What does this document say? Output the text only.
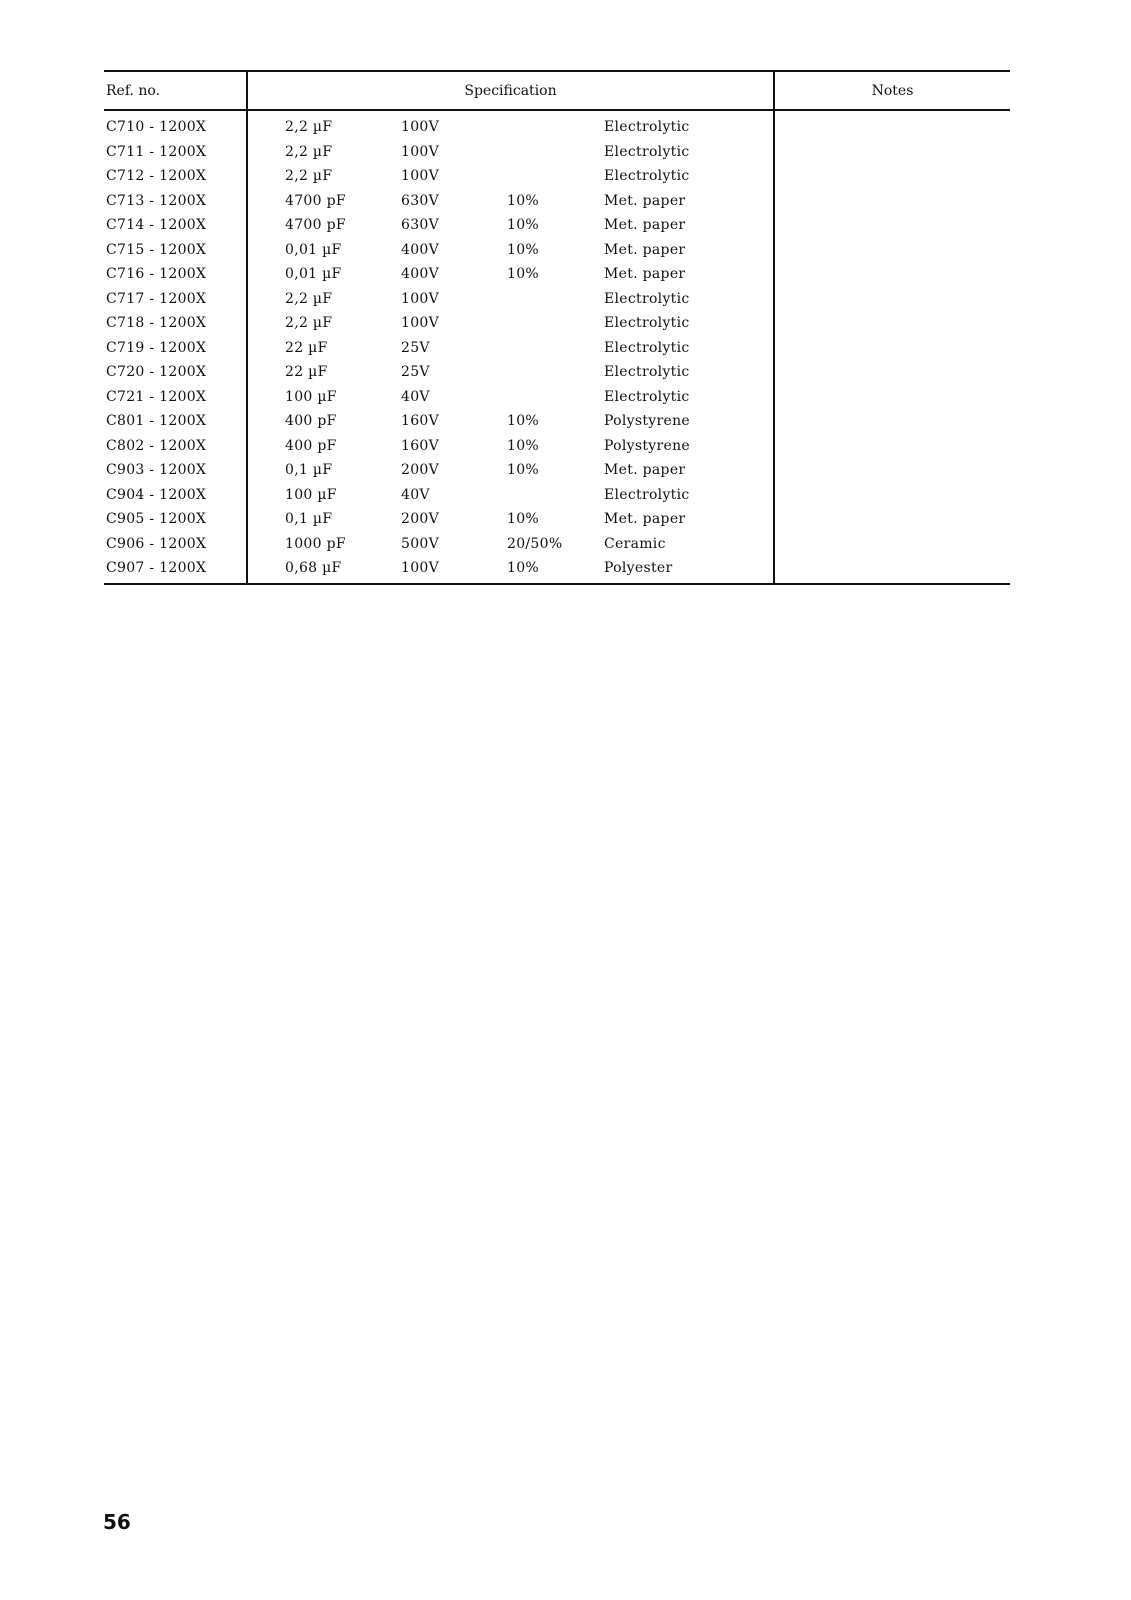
Ref. no.	Specification	Notes
C710 - 1200X	2,2 µF 100V Electrolytic	

C711 - 1200X	2,2 µF 100V Electrolytic	

C712 - 1200X	2,2 µF 100V Electrolytic	

C713 - 1200X	4700 pF 630V 10% Met. paper	

C714 - 1200X	4700 pF 630V 10% Met. paper	

C715 - 1200X	0,01 µF 400V 10% Met. paper	

C716 - 1200X	0,01 µF 400V 10% Met. paper	

C717 - 1200X	2,2 µF 100V Electrolytic	

C718 - 1200X	2,2 µF 100V Electrolytic	

C719 - 1200X	22 µF 25V Electrolytic	

C720 - 1200X	22 µF 25V Electrolytic	

C721 - 1200X	100 µF 40V Electrolytic	

C801 - 1200X	400 pF 160V 10% Polystyrene	

C802 - 1200X	400 pF 160V 10% Polystyrene	

C903 - 1200X	0,1 µF 200V 10% Met. paper	

C904 - 1200X	100 µF 40V Electrolytic	

C905 - 1200X	0,1 µF 200V 10% Met. paper	

C906 - 1200X	1000 pF 500V 20/50% Ceramic	

C907 - 1200X	0,68 µF 100V 10% Polyester	

56
